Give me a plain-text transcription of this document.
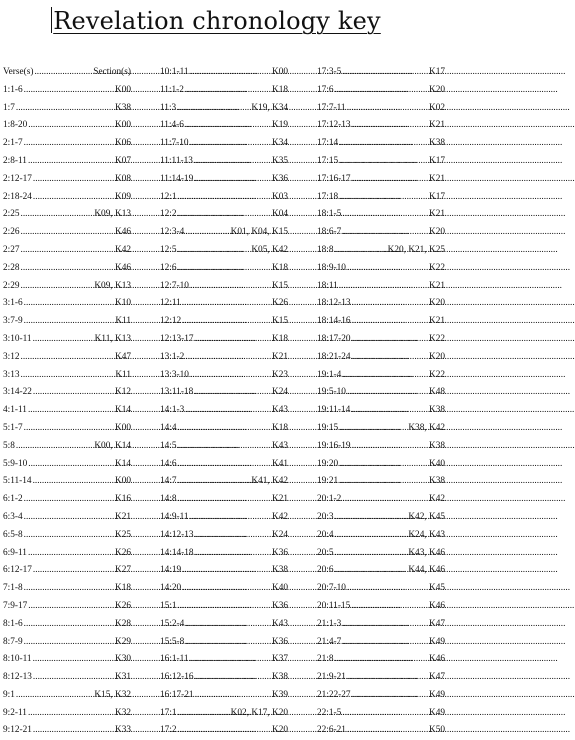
Revelation chronology key
Verse(s) .....	Section(s)
1:1-6 .....	K00
1:7 .....	K38
1:8-20 .....	K00
2:1-7 .....	K06
2:8-11 .....	K07
2:12-17 .....	K08
2:18-24 .....	K09
2:25 .....	K09, K13
2:26 .....	K46
2:27 .....	K42
2:28 .....	K46
2:29 .....	K09, K13
3:1-6 .....	K10
3:7-9 .....	K11
3:10-11 .....	K11, K13
3:12 .....	K47
3:13 .....	K11
3:14-22 .....	K12
4:1-11 .....	K14
5:1-7 .....	K00
5:8 .....	K00, K14
5:9-10 .....	K14
5:11-14 .....	K00
6:1-2 .....	K16
6:3-4 .....	K21
6:5-8 .....	K25
6:9-11 .....	K26
6:12-17 .....	K27
7:1-8 .....	K18
7:9-17 .....	K26
8:1-6 .....	K28
8:7-9 .....	K29
8:10-11 .....	K30
8:12-13 .....	K31
9:1 .....	K15, K32
9:2-11 .....	K32
9:12-21 .....	K33
10:1-11 .....	K00
11:1-2 .....	K18
11:3 .....	K19, K34
11:4-6 .....	K19
11:7-10 .....	K34
11:11-13 .....	K35
11:14-19 .....	K36
12:1 .....	K03
12:2 .....	K04
12:3-4 .....	K01, K04, K15
12:5 .....	K05, K42
12:6 .....	K18
12:7-10 .....	K15
12:11 .....	K26
12:12 .....	K15
12:13-17 .....	K18
13:1-2 .....	K21
13:3-10 .....	K23
13:11-18 .....	K24
14:1-3 .....	K43
14:4 .....	K18
14:5 .....	K43
14:6 .....	K41
14:7 .....	K41, K42
14:8 .....	K21
14:9-11 .....	K42
14:12-13 .....	K24
14:14-18 .....	K36
14:19 .....	K38
14:20 .....	K40
15:1 .....	K36
15:2-4 .....	K43
15:5-8 .....	K36
16:1-11 .....	K37
16:12-16 .....	K38
16:17-21 .....	K39
17:1 .....	K02, K17, K20
17:2 .....	K20
17:3-5 .....	K17
17:6 .....	K20
17:7-11 .....	K02
17:12-13 .....	K21
17:14 .....	K38
17:15 .....	K17
17:16-17 .....	K21
17:18 .....	K17
18:1-5 .....	K21
18:6-7 .....	K20
18:8 .....	K20, K21, K25
18:9-10 .....	K22
18:11 .....	K21
18:12-13 .....	K20
18:14-16 .....	K21
18:17-20 .....	K22
18:21-24 .....	K20
19:1-4 .....	K22
19:5-10 .....	K48
19:11-14 .....	K38
19:15 .....	K38, K42
19:16-19 .....	K38
19:20 .....	K40
19:21 .....	K38
20:1-2 .....	K42
20:3 .....	K42, K45
20:4 .....	K24, K43
20:5 .....	K43, K46
20:6 .....	K44, K46
20:7-10 .....	K45
20:11-15 .....	K46
21:1-3 .....	K47
21:4-7 .....	K49
21:8 .....	K46
21:9-21 .....	K47
21:22-27 .....	K49
22:1-5 .....	K49
22:6-21 .....	K50
